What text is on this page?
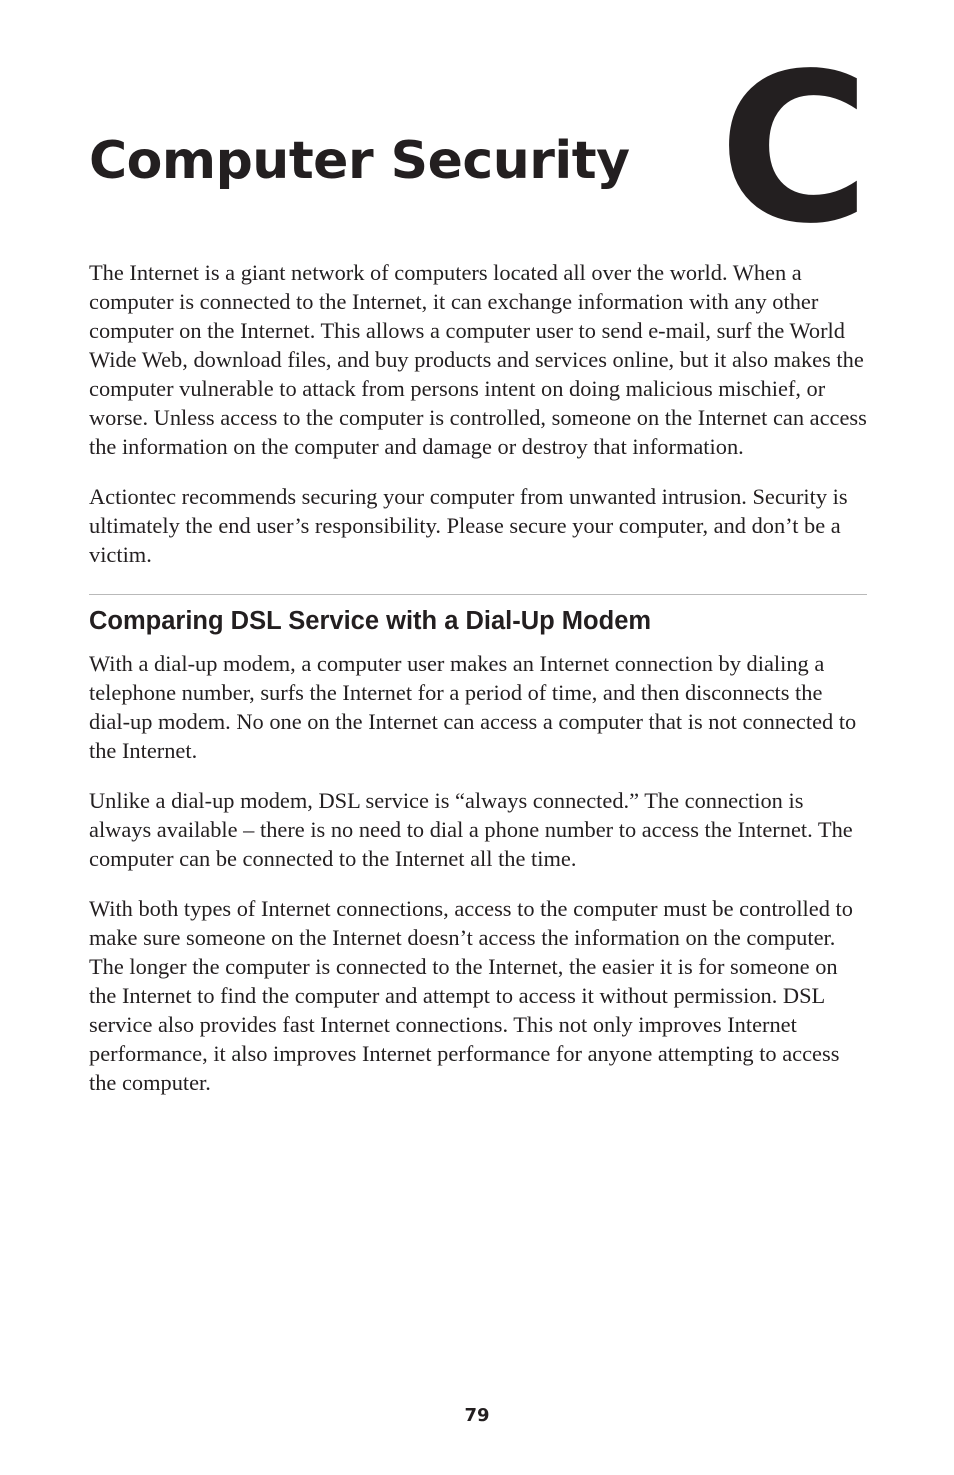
C
Computer Security

The Internet is a giant network of computers located all over the world. When a computer is connected to the Internet, it can exchange information with any other computer on the Internet. This allows a computer user to send e-mail, surf the World Wide Web, download files, and buy products and services online, but it also makes the computer vulnerable to attack from persons intent on doing malicious mischief, or worse. Unless access to the computer is controlled, someone on the Internet can access the information on the computer and damage or destroy that information.

Actiontec recommends securing your computer from unwanted intrusion. Security is ultimately the end user’s responsibility. Please secure your computer, and don’t be a victim.

Comparing DSL Service with a Dial-Up Modem

With a dial-up modem, a computer user makes an Internet connection by dialing a telephone number, surfs the Internet for a period of time, and then disconnects the dial-up modem. No one on the Internet can access a computer that is not connected to the Internet.

Unlike a dial-up modem, DSL service is “always connected.” The connection is always available – there is no need to dial a phone number to access the Internet. The computer can be connected to the Internet all the time.

With both types of Internet connections, access to the computer must be controlled to make sure someone on the Internet doesn’t access the information on the computer. The longer the computer is connected to the Internet, the easier it is for someone on the Internet to find the computer and attempt to access it without permission. DSL service also provides fast Internet connections. This not only improves Internet performance, it also improves Internet performance for anyone attempting to access the computer.

79
